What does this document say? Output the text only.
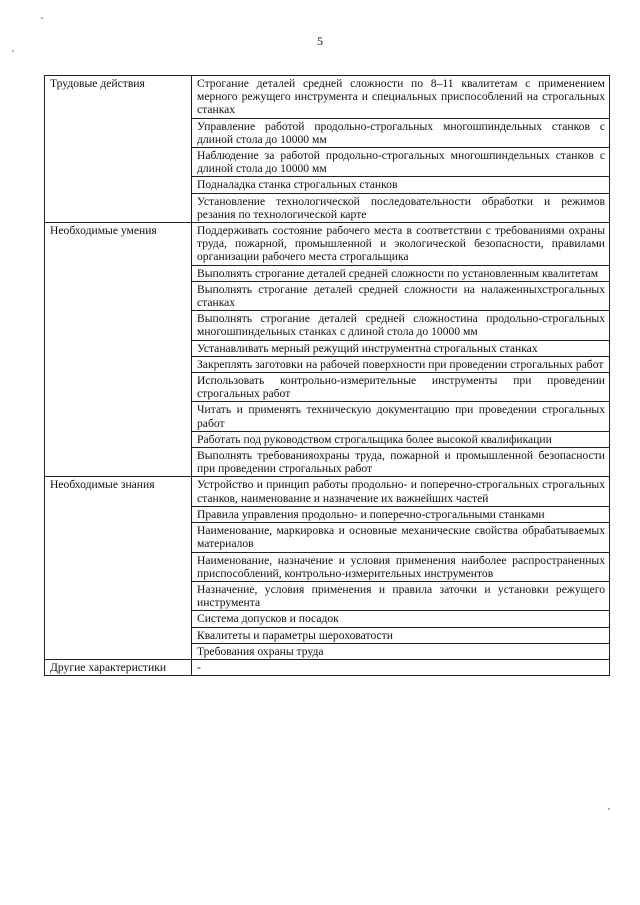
5
Трудовые действия	Строгание деталей средней сложности по 8–11 квалитетам с применением мерного режущего инструмента и специальных приспособлений на строгальных станках
	Управление работой продольно-строгальных многошпиндельных станков с длиной стола до 10000 мм
	Наблюдение за работой продольно-строгальных многошпиндельных станков с длиной стола до 10000 мм
	Подналадка станка строгальных станков
	Установление технологической последовательности обработки и режимов резания по технологической карте
Необходимые умения	Поддерживать состояние рабочего места в соответствии с требованиями охраны труда, пожарной, промышленной и экологической безопасности, правилами организации рабочего места строгальщика
	Выполнять строгание деталей средней сложности по установленным квалитетам
	Выполнять строгание деталей средней сложности на налаженныхстрогальных станках
	Выполнять строгание деталей средней сложностина продольно-строгальных многошпиндельных станках с длиной стола до 10000 мм
	Устанавливать мерный режущий инструментна строгальных станках
	Закреплять заготовки на рабочей поверхности при проведении строгальных работ
	Использовать контрольно-измерительные инструменты при проведении строгальных работ
	Читать и применять техническую документацию при проведении строгальных работ
	Работать под руководством строгальщика более высокой квалификации
	Выполнять требованияохраны труда, пожарной и промышленной безопасности при проведении строгальных работ
Необходимые знания	Устройство и принцип работы продольно- и поперечно-строгальных строгальных станков, наименование и назначение их важнейших частей
	Правила управления продольно- и поперечно-строгальными станками
	Наименование, маркировка и основные механические свойства обрабатываемых материалов
	Наименование, назначение и условия применения наиболее распространенных приспособлений, контрольно-измерительных инструментов
	Назначение, условия применения и правила заточки и установки режущего инструмента
	Система допусков и посадок
	Квалитеты и параметры шероховатости
	Требования охраны труда
Другие характеристики	-
